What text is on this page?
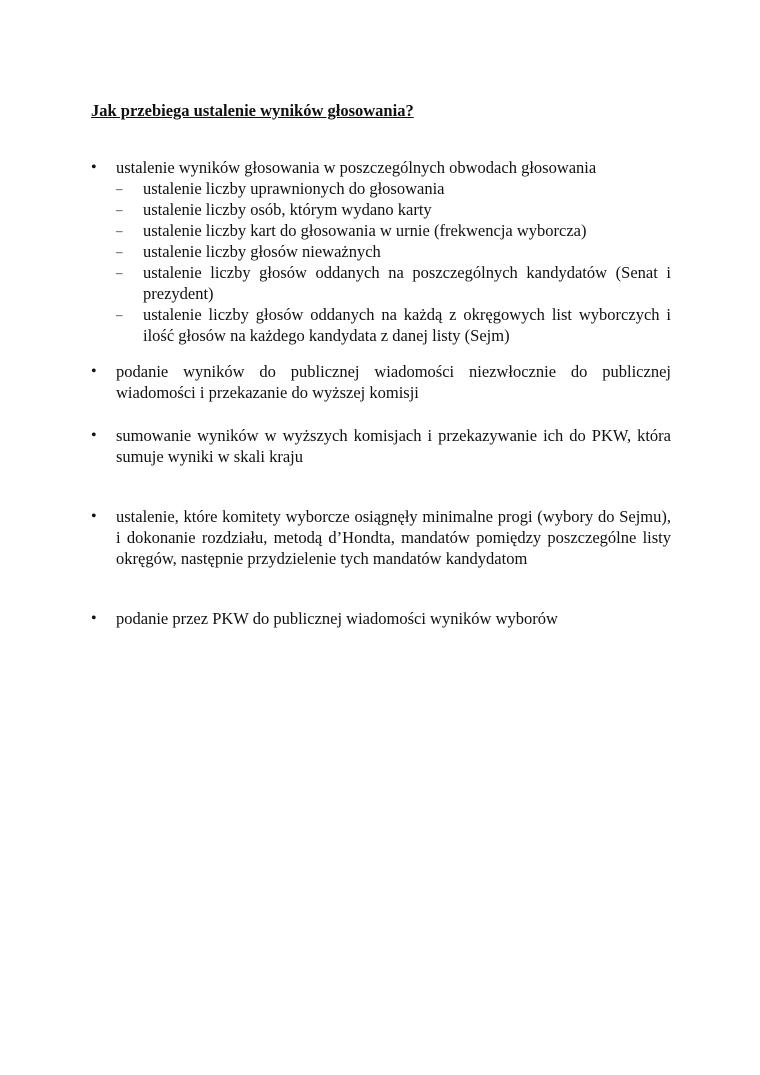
Jak przebiega ustalenie wyników głosowania?
•	ustalenie wyników głosowania w poszczególnych obwodach głosowania
– ustalenie liczby uprawnionych do głosowania
– ustalenie liczby osób, którym wydano karty
– ustalenie liczby kart do głosowania w urnie (frekwencja wyborcza)
– ustalenie liczby głosów nieważnych
– ustalenie liczby głosów oddanych na poszczególnych kandydatów (Senat i prezydent)
– ustalenie liczby głosów oddanych na każdą z okręgowych list wyborczych i ilość głosów na każdego kandydata z danej listy (Sejm)
•	podanie wyników do publicznej wiadomości niezwłocznie do publicznej wiadomości i przekazanie do wyższej komisji
•	sumowanie wyników w wyższych komisjach i przekazywanie ich do PKW, która sumuje wyniki w skali kraju
•	ustalenie, które komitety wyborcze osiągnęły minimalne progi (wybory do Sejmu), i dokonanie rozdziału, metodą d’Hondta, mandatów pomiędzy poszczególne listy okręgów, następnie przydzielenie tych mandatów kandydatom
•	podanie przez PKW do publicznej wiadomości wyników wyborów
